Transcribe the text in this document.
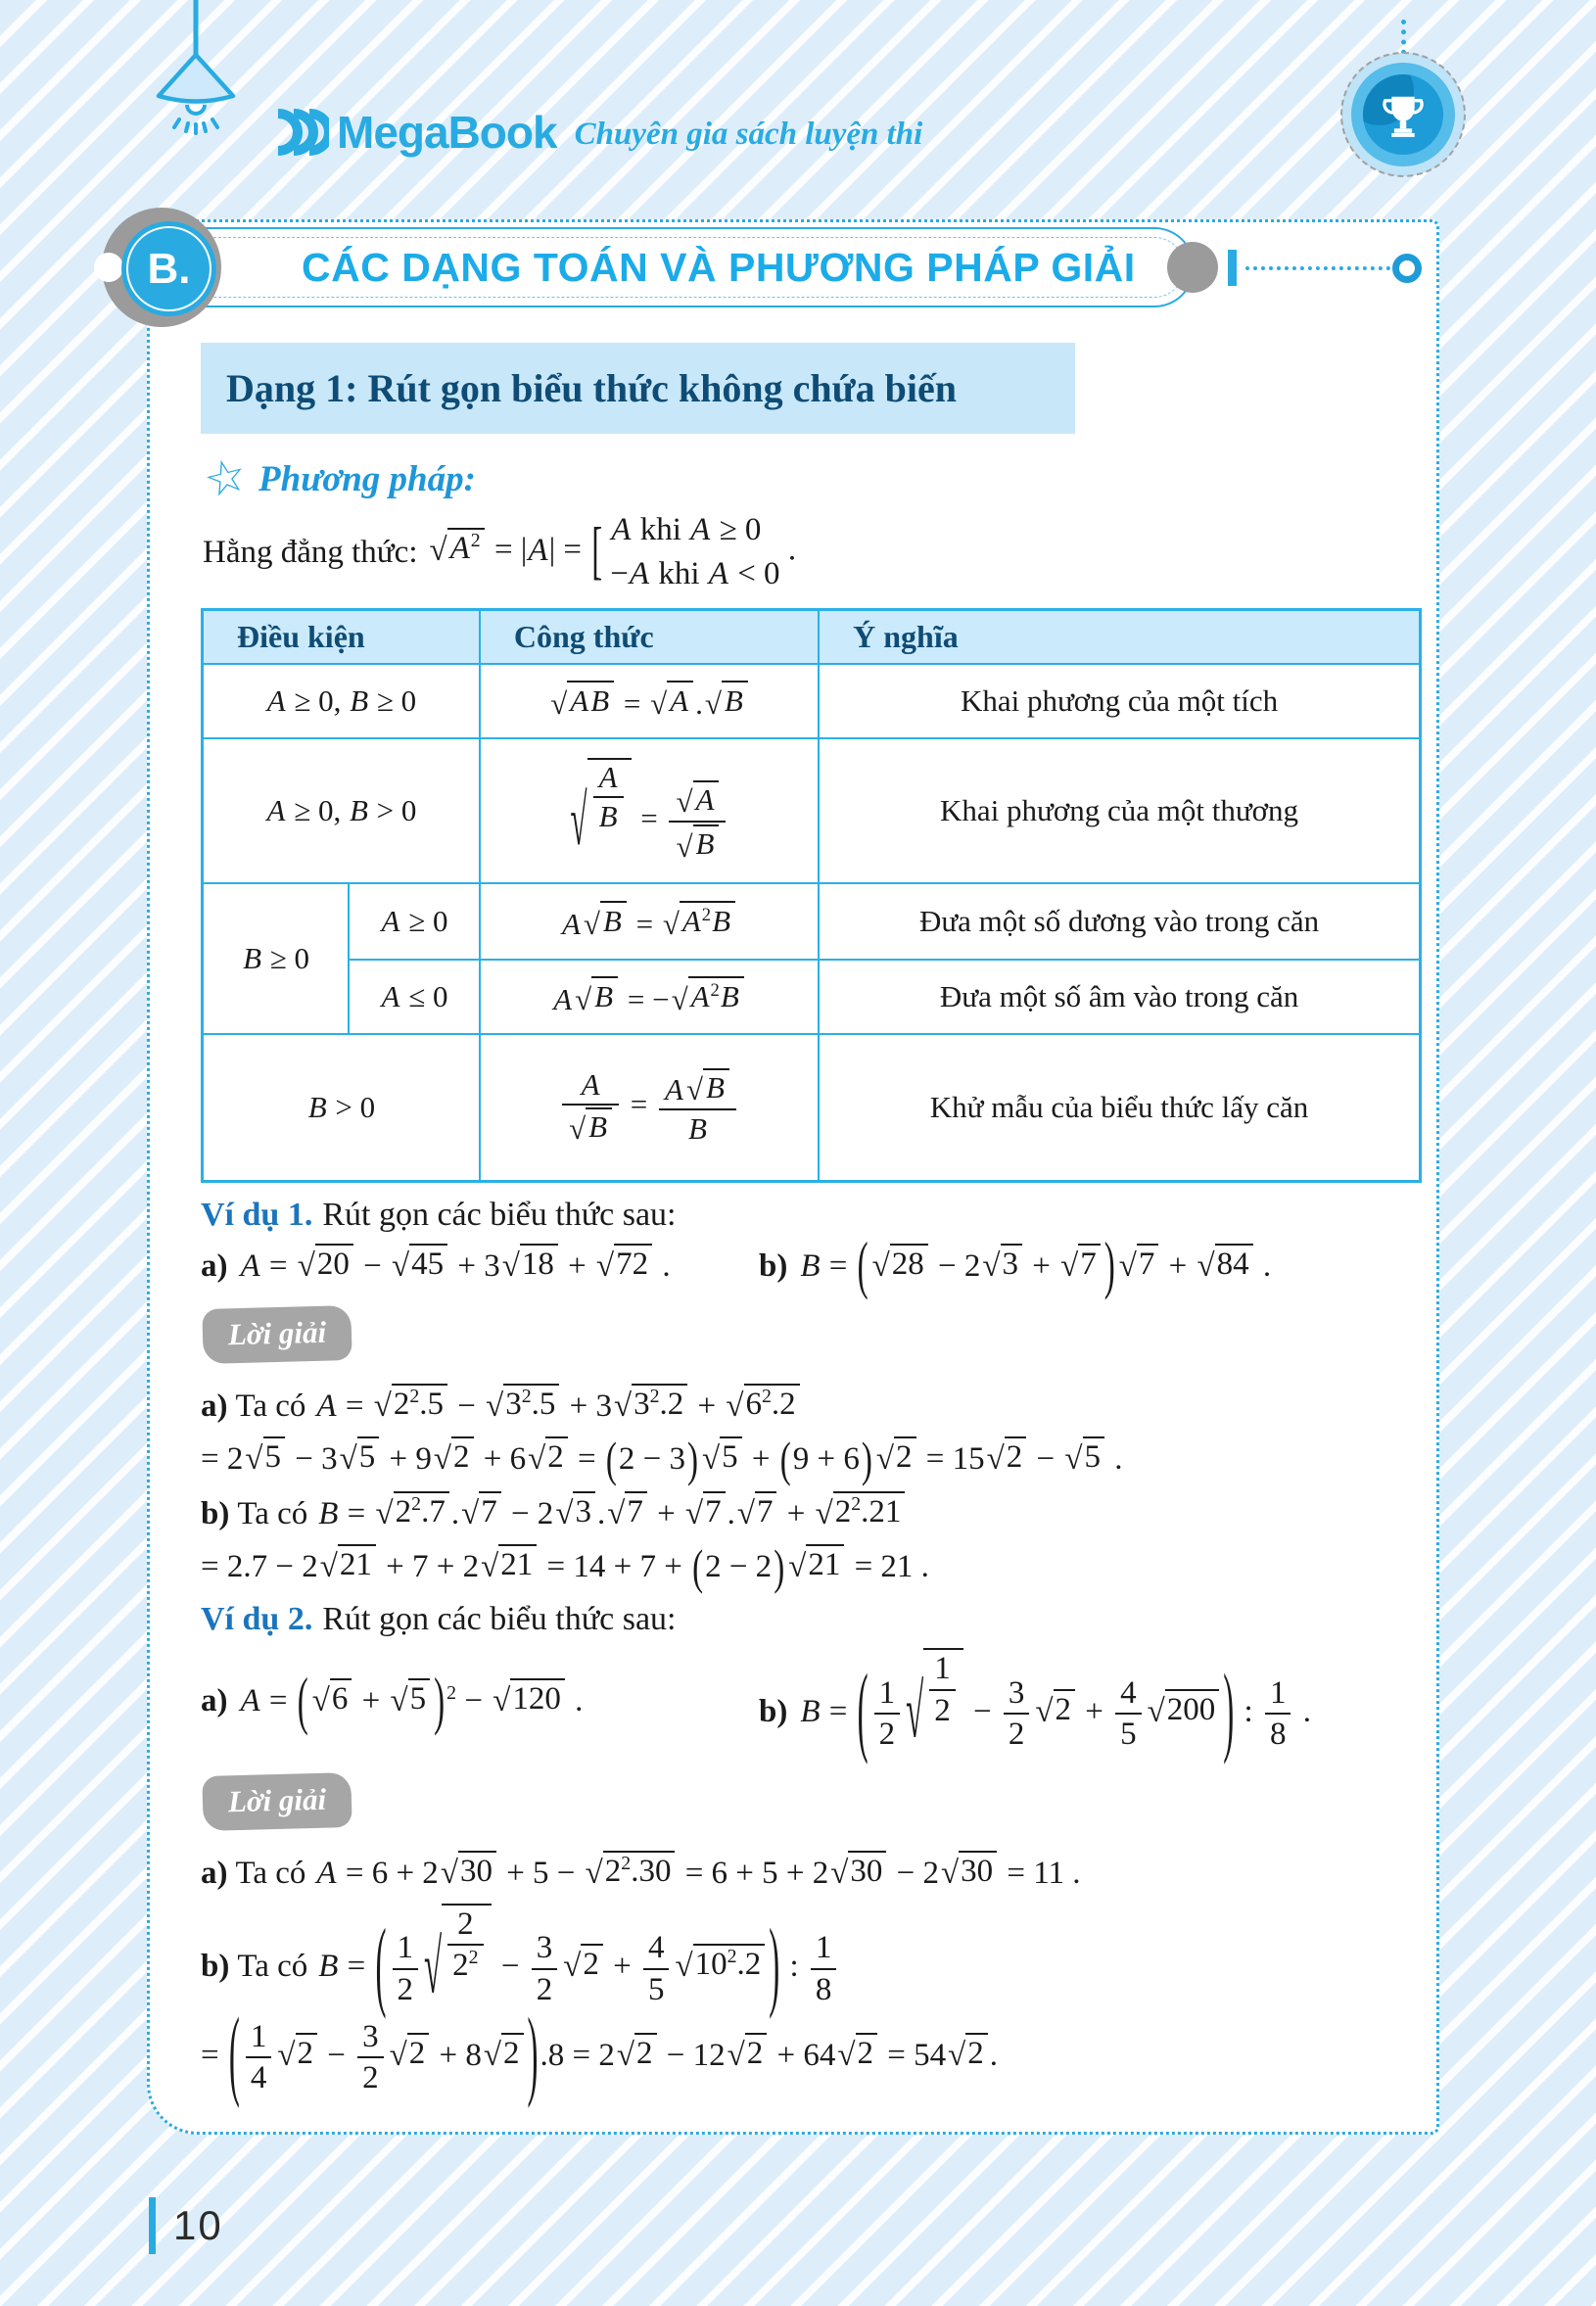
MegaBook Chuyên gia sách luyện thi
B.	CÁC DẠNG TOÁN VÀ PHƯƠNG PHÁP GIẢI
Dạng 1: Rút gọn biểu thức không chứa biến
☆ Phương pháp:
Hằng đẳng thức: √ $A^2 = |A|$ = [ A khi A ≥ 0
−A khi A < 0
.
Điều kiện		Công thức	Ý nghĩa
A ≥ 0, B ≥ 0	√ AB = √ A . √ B	Khai phương của một tích
A ≥ 0, B > 0	√ $\frac{A}{B} = \frac{√ A}{√ B}$	Khai phương của một thương
B ≥ 0	A ≥ 0	A √ B = √ $A^2B$	Đưa một số dương vào trong căn
A ≤ 0	A √ B = − √ $A^2B$	Đưa một số âm vào trong căn
B > 0	$\frac{A}{√ B} = \frac{A √ B}{B}$	Khử mẫu của biểu thức lấy căn
Ví dụ 1. Rút gọn các biểu thức sau:
a) A = √ 20 − √ 45 + 3 √ 18 + √ 72 .	b) B = ( √ 28 − 2 √ 3 + √ 7 ) √ 7 + √ 84 .
Lời giải
a) Ta có A = √ $2^2.5$ − √ $3^2.5 + 3$ √ $3^2.2$ + √ $6^2.2$
= 2 √ 5 − 3 √ 5 + 9 √ 2 + 6 √ 2 = (2 − 3) √ 5 + (9 + 6) √ 2 = 15 √ 2 − √ 5 .
b) Ta có B = √ $2^2.7$ . √ 7 − 2 √ 3 . √ 7 + √ 7 . √ 7 + √ $2^2.21$
= 2.7 − 2 √ 21 + 7 + 2 √ 21 = 14 + 7 + (2 − 2) √ 21 = 21 .
Ví dụ 2. Rút gọn các biểu thức sau:
a) A = ( √ 6 + √ 5 ) $^2$ − √ 120 .	b) B = ( $\frac{1}{2}$ √ $\frac{1}{2} - \frac{3}{2}$ √ $2 + \frac{4}{5}$ √ 200 ) : $\frac{1}{8}$ .
Lời giải
a) Ta có A = 6 + 2 √ 30 + 5 − √ $2^2.30 = 6 + 5 + 2$ √ 30 − 2 √ 30 = 11 .
b) Ta có B = ( $\frac{1}{2}$ √ $\frac{2}{2^2} - \frac{3}{2}$ √ $2 + \frac{4}{5}$ √ $10^2.2$ ) : $\frac{1}{8}$
= ( $\frac{1}{4}$ √ $2 - \frac{3}{2}$ √ 2 + 8 √ 2 ).8 = 2 √ 2 − 12 √ 2 + 64 √ 2 = 54 √ 2 .
10
